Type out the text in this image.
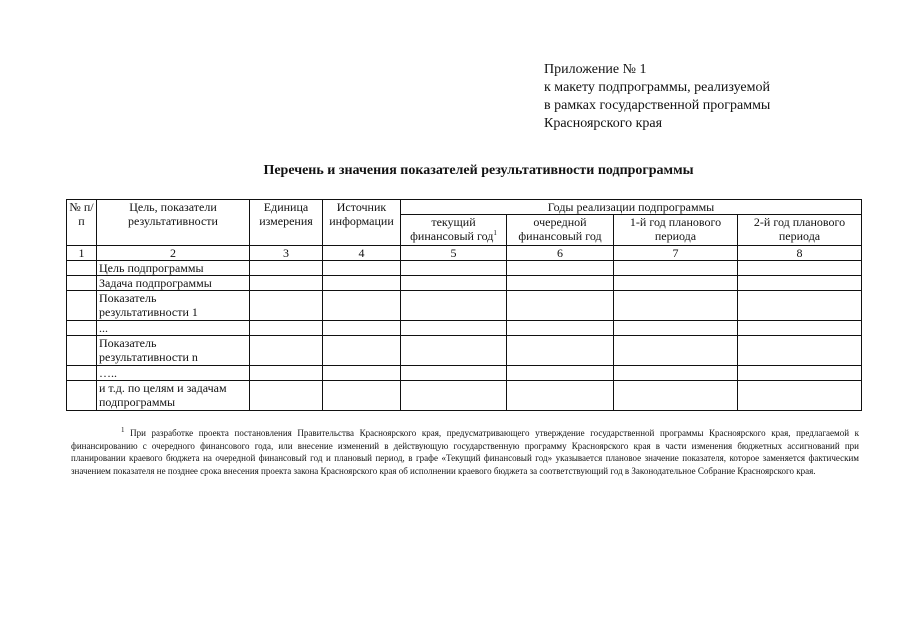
Приложение № 1
к макету подпрограммы, реализуемой
в рамках государственной программы
Красноярского края
Перечень и значения показателей результативности подпрограммы
№ п/п	Цель, показатели результативности	Единица измерения	Источник информации	Годы реализации подпрограммы			
				текущий финансовый год$^1$	очередной финансовый год	1-й год планового периода	2-й год планового периода
1	2	3	4	5	6	7	8
	Цель подпрограммы						
	Задача подпрограммы						
	Показатель результативности 1						
	...						
	Показатель результативности n						
	…..						
	и т.д. по целям и задачам подпрограммы						
$^1$ При разработке проекта постановления Правительства Красноярского края, предусматривающего утверждение государственной программы Красноярского края, предлагаемой к финансированию с очередного финансового года, или внесение изменений в действующую государственную программу Красноярского края в части изменения бюджетных ассигнований при планировании краевого бюджета на очередной финансовый год и плановый период, в графе «Текущий финансовый год» указывается плановое значение показателя, которое заменяется фактическим значением показателя не позднее срока внесения проекта закона Красноярского края об исполнении краевого бюджета за соответствующий год в Законодательное Собрание Красноярского края.
